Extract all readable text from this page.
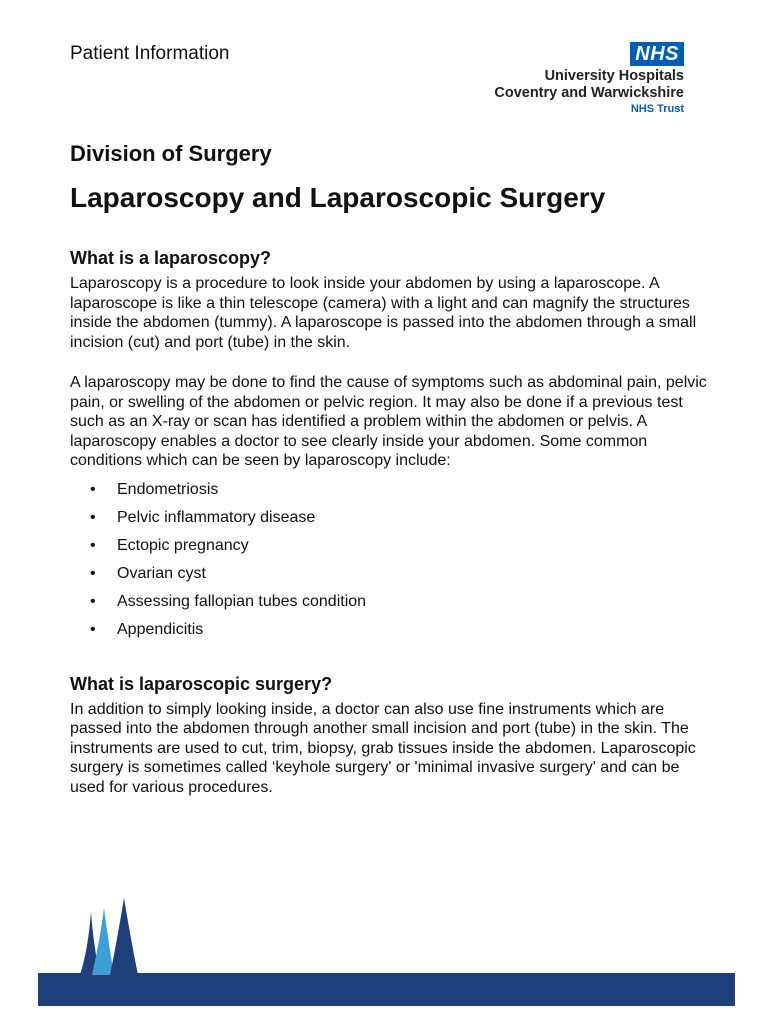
Patient Information	NHS
University Hospitals
Coventry and Warwickshire
NHS Trust
Division of Surgery
Laparoscopy and Laparoscopic Surgery
What is a laparoscopy?

Laparoscopy is a procedure to look inside your abdomen by using a laparoscope. A laparoscope is like a thin telescope (camera) with a light and can magnify the structures inside the abdomen (tummy). A laparoscope is passed into the abdomen through a small incision (cut) and port (tube) in the skin.

A laparoscopy may be done to find the cause of symptoms such as abdominal pain, pelvic pain, or swelling of the abdomen or pelvic region. It may also be done if a previous test such as an X-ray or scan has identified a problem within the abdomen or pelvis. A laparoscopy enables a doctor to see clearly inside your abdomen. Some common conditions which can be seen by laparoscopy include:

• Endometriosis
• Pelvic inflammatory disease
• Ectopic pregnancy
• Ovarian cyst
• Assessing fallopian tubes condition
• Appendicitis
What is laparoscopic surgery?

In addition to simply looking inside, a doctor can also use fine instruments which are passed into the abdomen through another small incision and port (tube) in the skin. The instruments are used to cut, trim, biopsy, grab tissues inside the abdomen. Laparoscopic surgery is sometimes called ‘keyhole surgery' or 'minimal invasive surgery' and can be used for various procedures.
